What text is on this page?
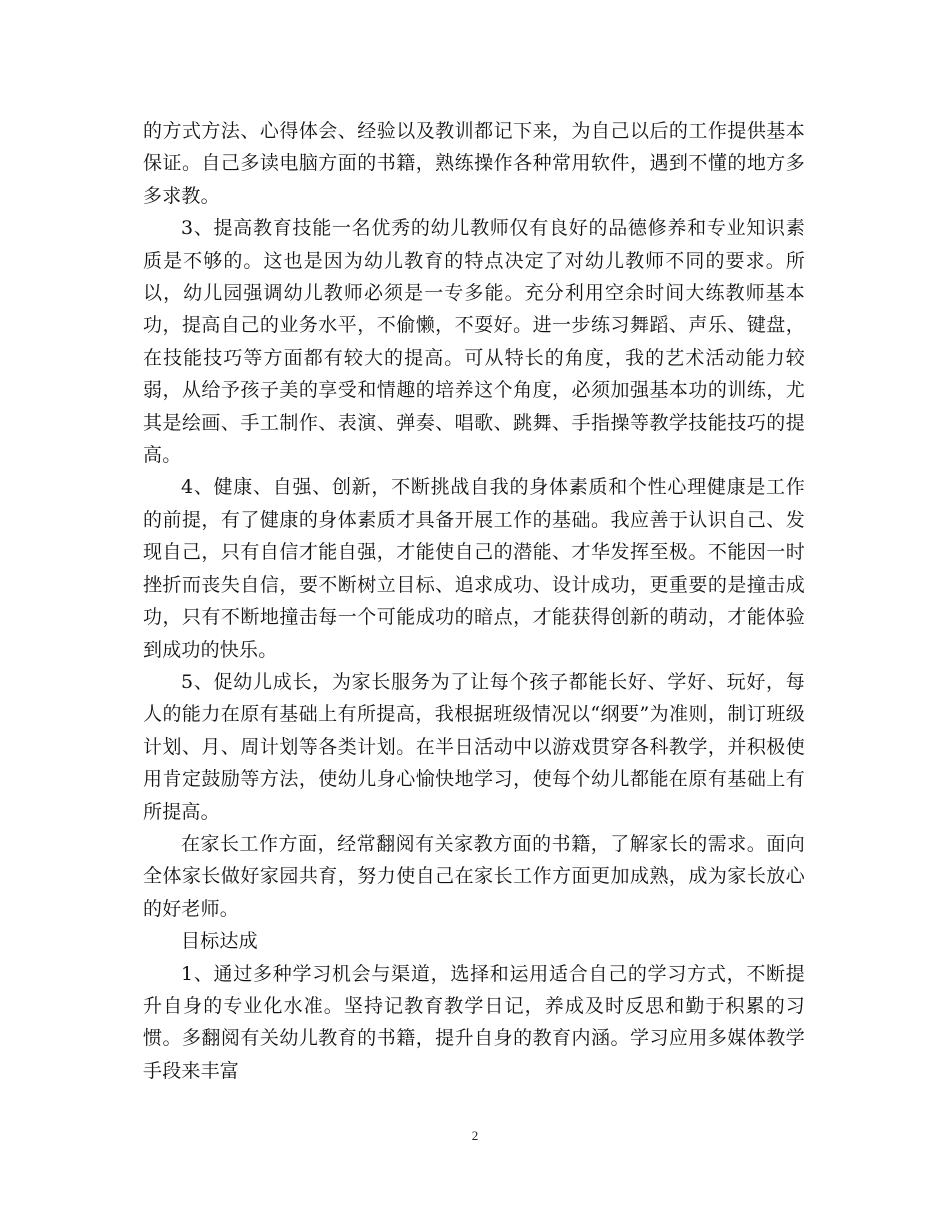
的方式方法、心得体会、经验以及教训都记下来，为自己以后的工作提供基本保证。自己多读电脑方面的书籍，熟练操作各种常用软件，遇到不懂的地方多多求教。

3、提高教育技能一名优秀的幼儿教师仅有良好的品德修养和专业知识素质是不够的。这也是因为幼儿教育的特点决定了对幼儿教师不同的要求。所以，幼儿园强调幼儿教师必须是一专多能。充分利用空余时间大练教师基本功，提高自己的业务水平，不偷懒，不耍好。进一步练习舞蹈、声乐、键盘，在技能技巧等方面都有较大的提高。可从特长的角度，我的艺术活动能力较弱，从给予孩子美的享受和情趣的培养这个角度，必须加强基本功的训练，尤其是绘画、手工制作、表演、弹奏、唱歌、跳舞、手指操等教学技能技巧的提高。

4、健康、自强、创新，不断挑战自我的身体素质和个性心理健康是工作的前提，有了健康的身体素质才具备开展工作的基础。我应善于认识自己、发现自己，只有自信才能自强，才能使自己的潜能、才华发挥至极。不能因一时挫折而丧失自信，要不断树立目标、追求成功、设计成功，更重要的是撞击成功，只有不断地撞击每一个可能成功的暗点，才能获得创新的萌动，才能体验到成功的快乐。

5、促幼儿成长，为家长服务为了让每个孩子都能长好、学好、玩好，每人的能力在原有基础上有所提高，我根据班级情况以“纲要”为准则，制订班级计划、月、周计划等各类计划。在半日活动中以游戏贯穿各科教学，并积极使用肯定鼓励等方法，使幼儿身心愉快地学习，使每个幼儿都能在原有基础上有所提高。

在家长工作方面，经常翻阅有关家教方面的书籍，了解家长的需求。面向全体家长做好家园共育，努力使自己在家长工作方面更加成熟，成为家长放心的好老师。

目标达成

1、通过多种学习机会与渠道，选择和运用适合自己的学习方式，不断提升自身的专业化水准。坚持记教育教学日记，养成及时反思和勤于积累的习惯。多翻阅有关幼儿教育的书籍，提升自身的教育内涵。学习应用多媒体教学手段来丰富

2
